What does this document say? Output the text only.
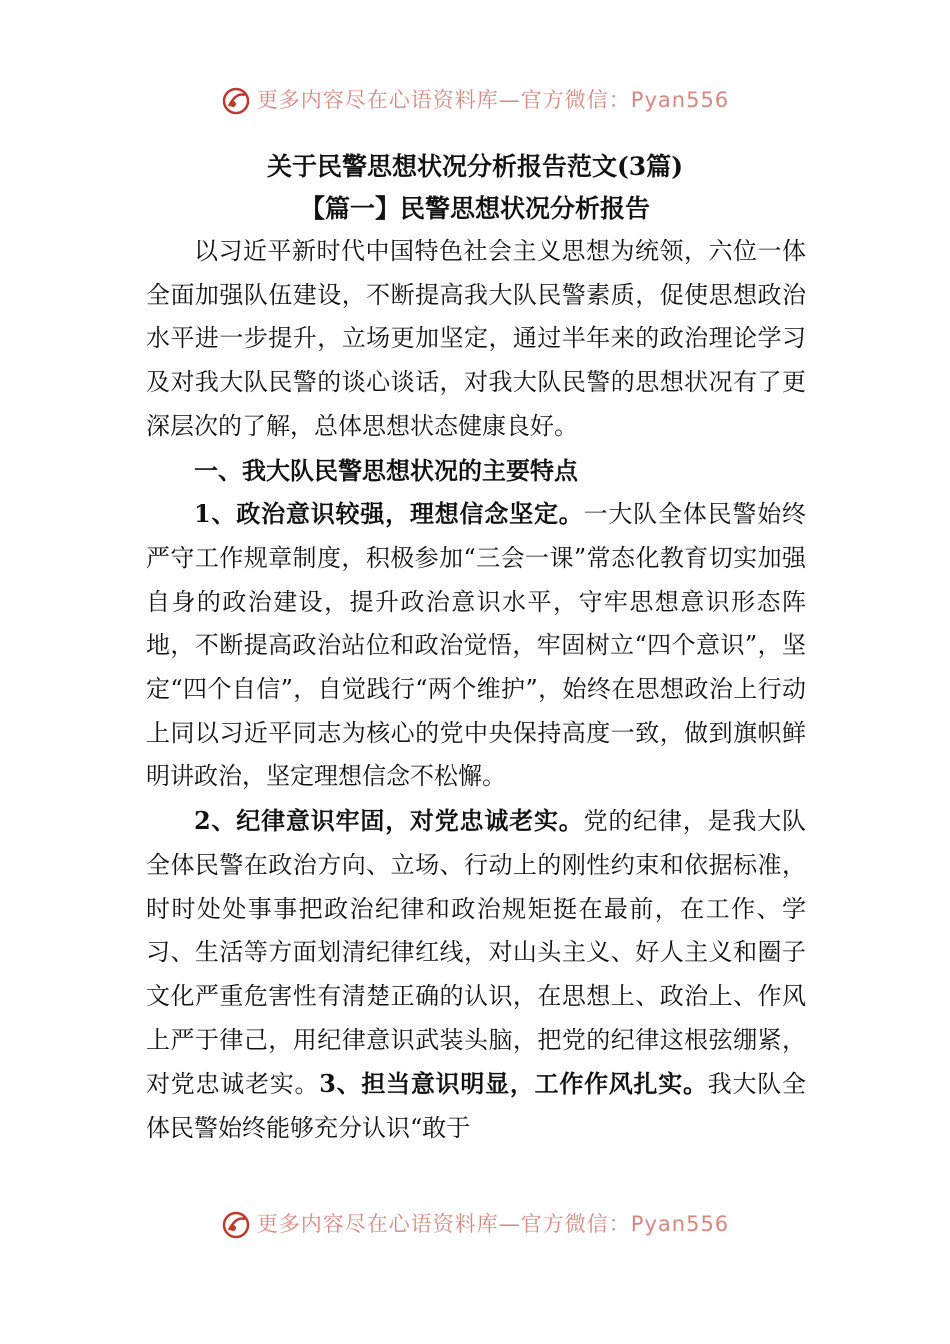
更多内容尽在心语资料库—官方微信：Pyan556
关于民警思想状况分析报告范文(3篇)
【篇一】民警思想状况分析报告

以习近平新时代中国特色社会主义思想为统领，六位一体全面加强队伍建设，不断提高我大队民警素质，促使思想政治水平进一步提升，立场更加坚定，通过半年来的政治理论学习及对我大队民警的谈心谈话，对我大队民警的思想状况有了更深层次的了解，总体思想状态健康良好。

一、我大队民警思想状况的主要特点

1、政治意识较强，理想信念坚定。一大队全体民警始终严守工作规章制度，积极参加“三会一课”常态化教育切实加强自身的政治建设，提升政治意识水平，守牢思想意识形态阵地，不断提高政治站位和政治觉悟，牢固树立“四个意识”，坚定“四个自信”，自觉践行“两个维护”，始终在思想政治上行动上同以习近平同志为核心的党中央保持高度一致，做到旗帜鲜明讲政治，坚定理想信念不松懈。

2、纪律意识牢固，对党忠诚老实。党的纪律，是我大队全体民警在政治方向、立场、行动上的刚性约束和依据标准，时时处处事事把政治纪律和政治规矩挺在最前，在工作、学习、生活等方面划清纪律红线，对山头主义、好人主义和圈子文化严重危害性有清楚正确的认识，在思想上、政治上、作风上严于律己，用纪律意识武装头脑，把党的纪律这根弦绷紧，对党忠诚老实。3、担当意识明显，工作作风扎实。我大队全体民警始终能够充分认识“敢于

更多内容尽在心语资料库—官方微信：Pyan556
